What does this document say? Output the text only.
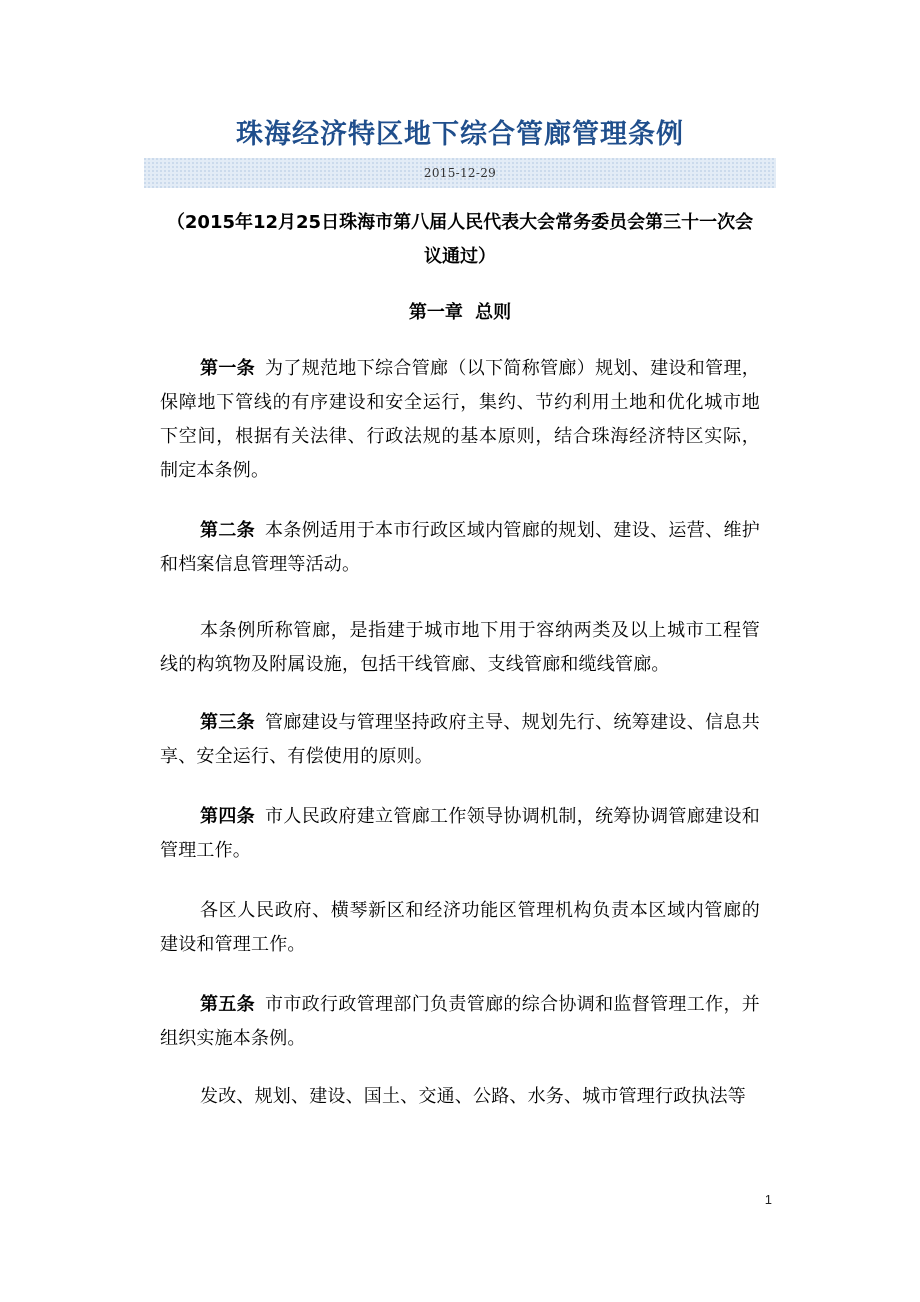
珠海经济特区地下综合管廊管理条例
2015-12-29

（2015年12月25日珠海市第八届人民代表大会常务委员会第三十一次会议通过）

第一章 总则

第一条 为了规范地下综合管廊（以下简称管廊）规划、建设和管理，保障地下管线的有序建设和安全运行，集约、节约利用土地和优化城市地下空间，根据有关法律、行政法规的基本原则，结合珠海经济特区实际，制定本条例。

第二条 本条例适用于本市行政区域内管廊的规划、建设、运营、维护和档案信息管理等活动。

本条例所称管廊，是指建于城市地下用于容纳两类及以上城市工程管线的构筑物及附属设施，包括干线管廊、支线管廊和缆线管廊。

第三条 管廊建设与管理坚持政府主导、规划先行、统筹建设、信息共享、安全运行、有偿使用的原则。

第四条 市人民政府建立管廊工作领导协调机制，统筹协调管廊建设和管理工作。

各区人民政府、横琴新区和经济功能区管理机构负责本区域内管廊的建设和管理工作。

第五条 市市政行政管理部门负责管廊的综合协调和监督管理工作，并组织实施本条例。

发改、规划、建设、国土、交通、公路、水务、城市管理行政执法等

1
